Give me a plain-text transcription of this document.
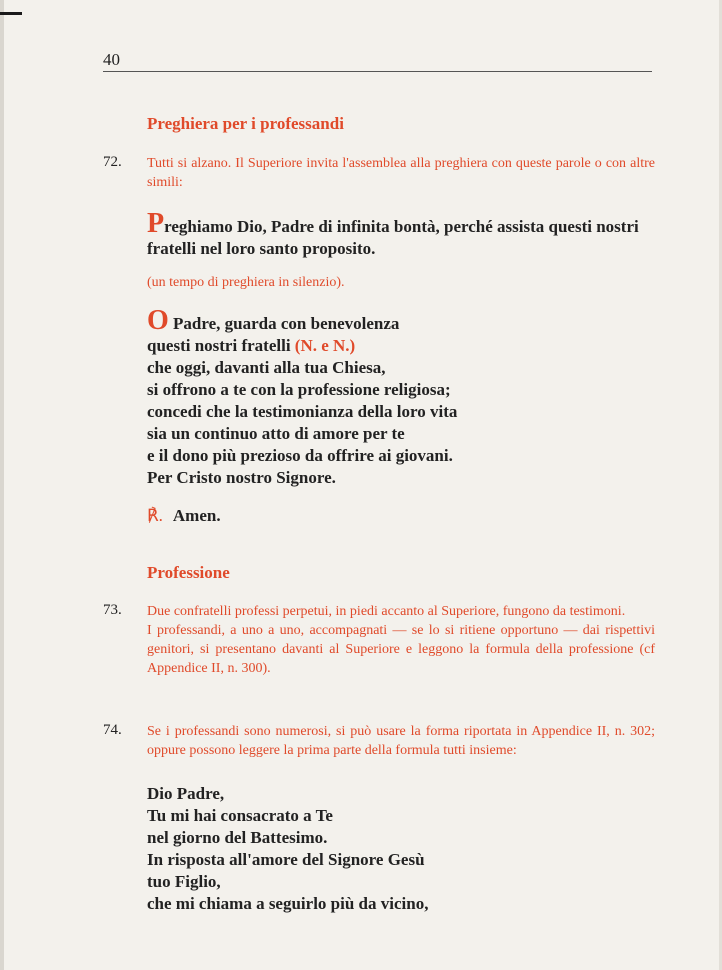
40
Preghiera per i professandi
72. Tutti si alzano. Il Superiore invita l'assemblea alla preghiera con queste parole o con altre simili:
Preghiamo Dio, Padre di infinita bontà, perché assista questi nostri
fratelli nel loro santo proposito.
(un tempo di preghiera in silenzio).
O Padre, guarda con benevolenza
questi nostri fratelli (N. e N.)
che oggi, davanti alla tua Chiesa,
si offrono a te con la professione religiosa;
concedi che la testimonianza della loro vita
sia un continuo atto di amore per te
e il dono più prezioso da offrire ai giovani.
Per Cristo nostro Signore.
℟. Amen.
Professione
73. Due confratelli professi perpetui, in piedi accanto al Superiore, fungono da testimoni.
I professandi, a uno a uno, accompagnati — se lo si ritiene opportuno — dai rispettivi genitori, si presentano davanti al Superiore e leggono la formula della professione (cf Appendice II, n. 300).
74. Se i professandi sono numerosi, si può usare la forma riportata in Appendice II, n. 302; oppure possono leggere la prima parte della formula tutti insieme:
Dio Padre,
Tu mi hai consacrato a Te
nel giorno del Battesimo.
In risposta all'amore del Signore Gesù
tuo Figlio,
che mi chiama a seguirlo più da vicino,
